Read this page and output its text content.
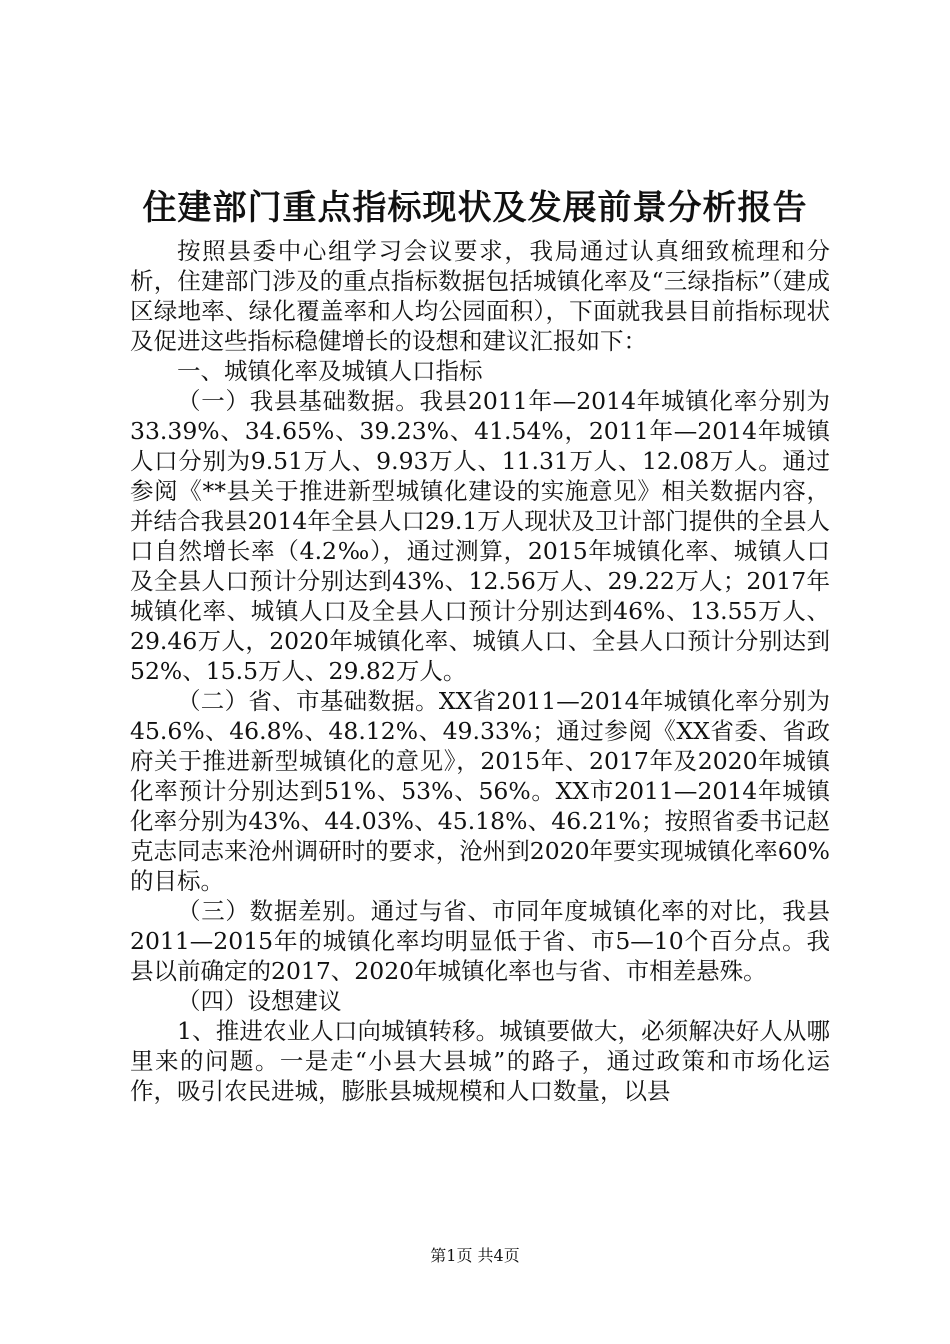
住建部门重点指标现状及发展前景分析报告

按照县委中心组学习会议要求，我局通过认真细致梳理和分析，住建部门涉及的重点指标数据包括城镇化率及“三绿指标”（建成区绿地率、绿化覆盖率和人均公园面积），下面就我县目前指标现状及促进这些指标稳健增长的设想和建议汇报如下：

一、城镇化率及城镇人口指标

（一）我县基础数据。我县2011年—2014年城镇化率分别为33.39%、34.65%、39.23%、41.54%，2011年—2014年城镇人口分别为9.51万人、9.93万人、11.31万人、12.08万人。通过参阅《**县关于推进新型城镇化建设的实施意见》相关数据内容，并结合我县2014年全县人口29.1万人现状及卫计部门提供的全县人口自然增长率（4.2‰），通过测算，2015年城镇化率、城镇人口及全县人口预计分别达到43%、12.56万人、29.22万人；2017年城镇化率、城镇人口及全县人口预计分别达到46%、13.55万人、29.46万人，2020年城镇化率、城镇人口、全县人口预计分别达到52%、15.5万人、29.82万人。

（二）省、市基础数据。XX省2011—2014年城镇化率分别为45.6%、46.8%、48.12%、49.33%；通过参阅《XX省委、省政府关于推进新型城镇化的意见》，2015年、2017年及2020年城镇化率预计分别达到51%、53%、56%。XX市2011—2014年城镇化率分别为43%、44.03%、45.18%、46.21%；按照省委书记赵克志同志来沧州调研时的要求，沧州到2020年要实现城镇化率60%的目标。

（三）数据差别。通过与省、市同年度城镇化率的对比，我县2011—2015年的城镇化率均明显低于省、市5—10个百分点。我县以前确定的2017、2020年城镇化率也与省、市相差悬殊。

（四）设想建议

1、推进农业人口向城镇转移。城镇要做大，必须解决好人从哪里来的问题。一是走“小县大县城”的路子，通过政策和市场化运作，吸引农民进城，膨胀县城规模和人口数量，以县

第1页 共4页
